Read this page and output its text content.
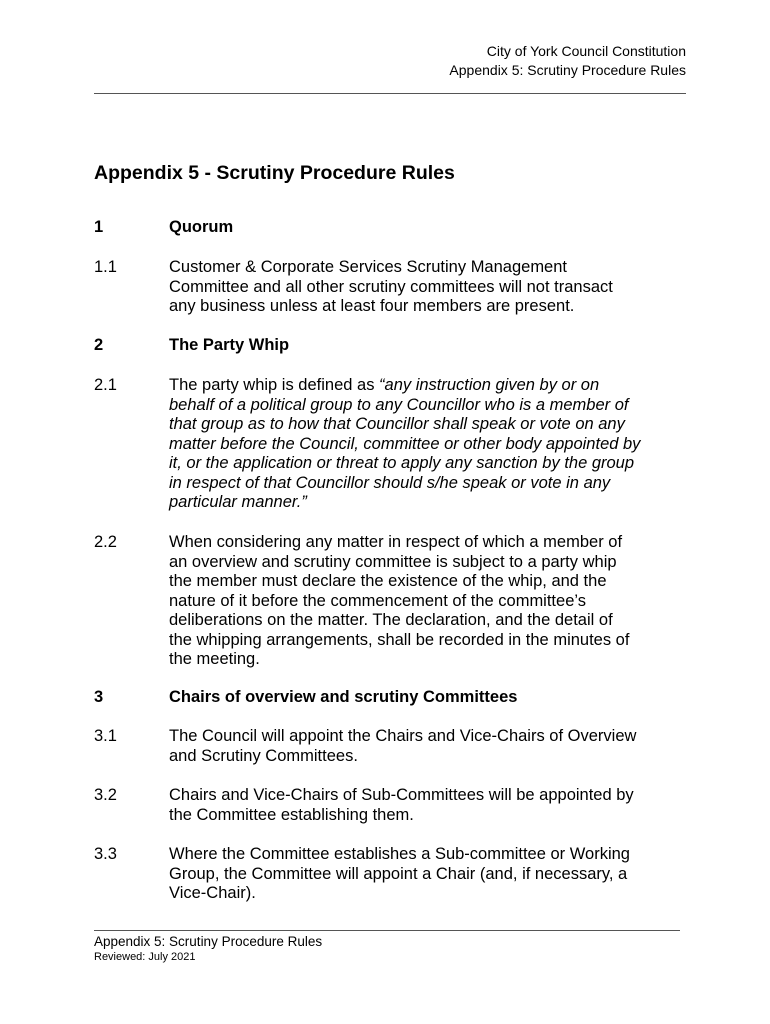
City of York Council Constitution
Appendix 5: Scrutiny Procedure Rules
Appendix 5 - Scrutiny Procedure Rules
1	Quorum
1.1	Customer & Corporate Services Scrutiny Management
Committee and all other scrutiny committees will not transact
any business unless at least four members are present.
2	The Party Whip
2.1	The party whip is defined as “any instruction given by or on
behalf of a political group to any Councillor who is a member of
that group as to how that Councillor shall speak or vote on any
matter before the Council, committee or other body appointed by
it, or the application or threat to apply any sanction by the group
in respect of that Councillor should s/he speak or vote in any
particular manner.”
2.2	When considering any matter in respect of which a member of
an overview and scrutiny committee is subject to a party whip
the member must declare the existence of the whip, and the
nature of it before the commencement of the committee’s
deliberations on the matter. The declaration, and the detail of
the whipping arrangements, shall be recorded in the minutes of
the meeting.
3	Chairs of overview and scrutiny Committees
3.1	The Council will appoint the Chairs and Vice-Chairs of Overview
and Scrutiny Committees.
3.2	Chairs and Vice-Chairs of Sub-Committees will be appointed by
the Committee establishing them.
3.3	Where the Committee establishes a Sub-committee or Working
Group, the Committee will appoint a Chair (and, if necessary, a
Vice-Chair).
Appendix 5: Scrutiny Procedure Rules
Reviewed: July 2021
